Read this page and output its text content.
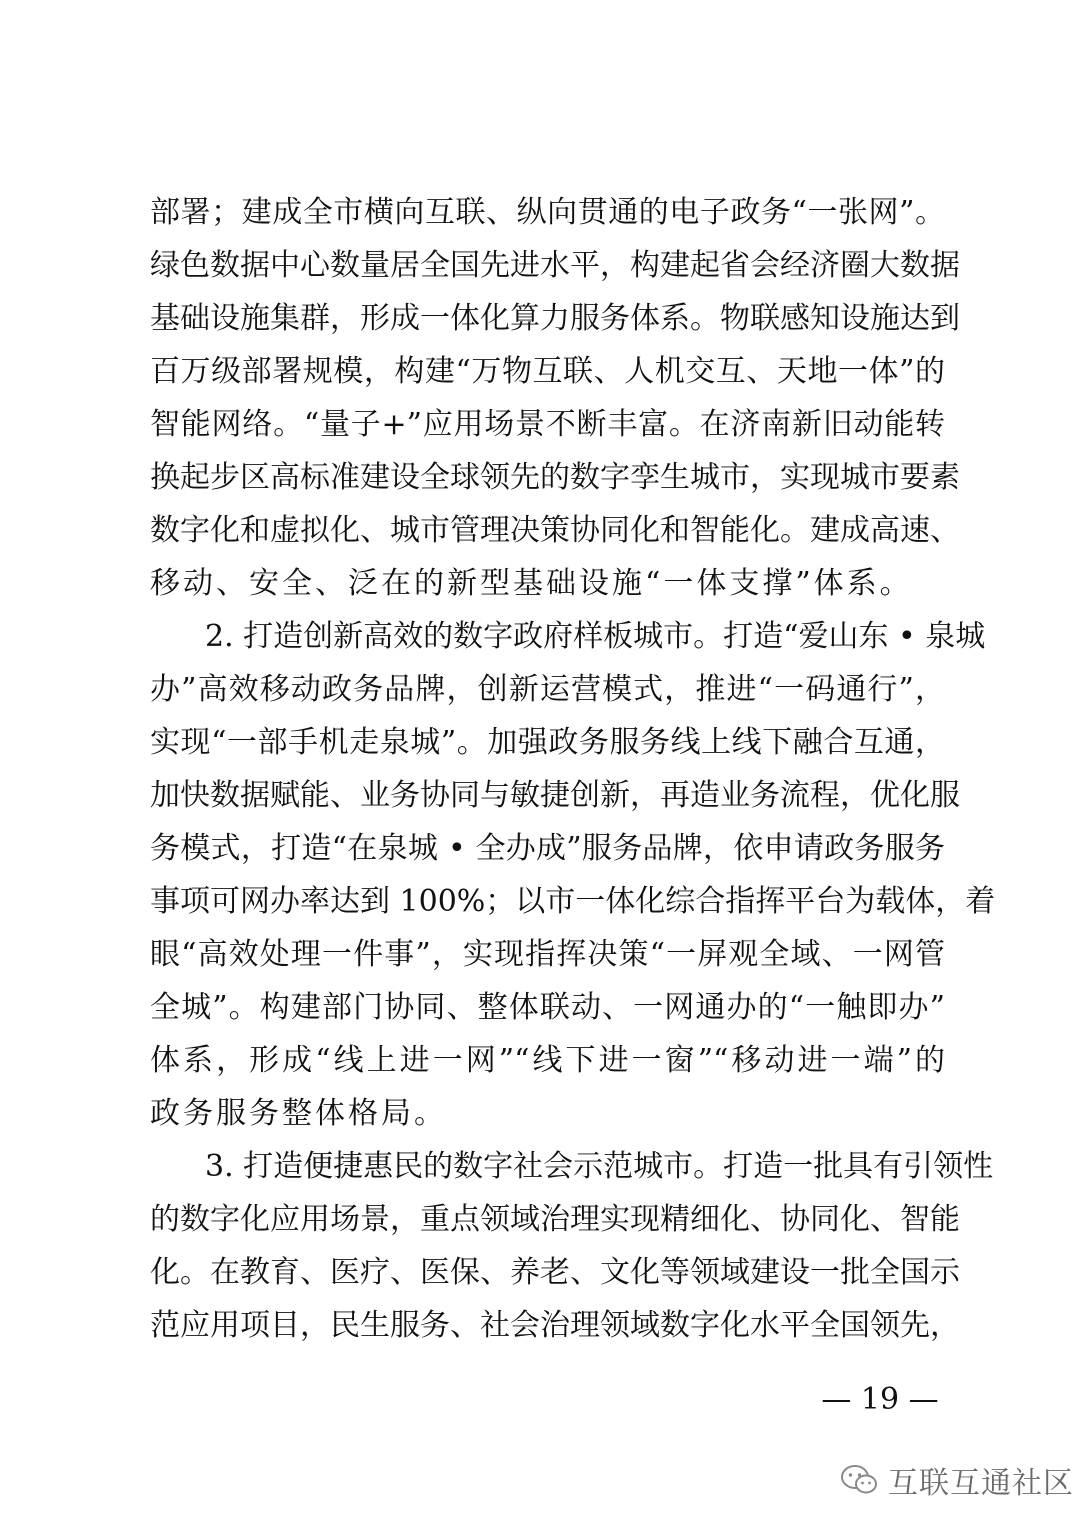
部署；建成全市横向互联、纵向贯通的电子政务“一张网”。
绿色数据中心数量居全国先进水平，构建起省会经济圈大数据
基础设施集群，形成一体化算力服务体系。物联感知设施达到
百万级部署规模，构建“万物互联、人机交互、天地一体”的
智能网络。“量子+”应用场景不断丰富。在济南新旧动能转
换起步区高标准建设全球领先的数字孪生城市，实现城市要素
数字化和虚拟化、城市管理决策协同化和智能化。建成高速、
移动、安全、泛在的新型基础设施“一体支撑”体系。
2. 打造创新高效的数字政府样板城市。打造“爱山东 • 泉城
办”高效移动政务品牌，创新运营模式，推进“一码通行”，
实现“一部手机走泉城”。加强政务服务线上线下融合互通，
加快数据赋能、业务协同与敏捷创新，再造业务流程，优化服
务模式，打造“在泉城 • 全办成”服务品牌，依申请政务服务
事项可网办率达到 100%；以市一体化综合指挥平台为载体，着
眼“高效处理一件事”，实现指挥决策“一屏观全域、一网管
全城”。构建部门协同、整体联动、一网通办的“一触即办”
体系，形成“线上进一网”“线下进一窗”“移动进一端”的
政务服务整体格局。
3. 打造便捷惠民的数字社会示范城市。打造一批具有引领性
的数字化应用场景，重点领域治理实现精细化、协同化、智能
化。在教育、医疗、医保、养老、文化等领域建设一批全国示
范应用项目，民生服务、社会治理领域数字化水平全国领先，
— 19 —
互联互通社区
